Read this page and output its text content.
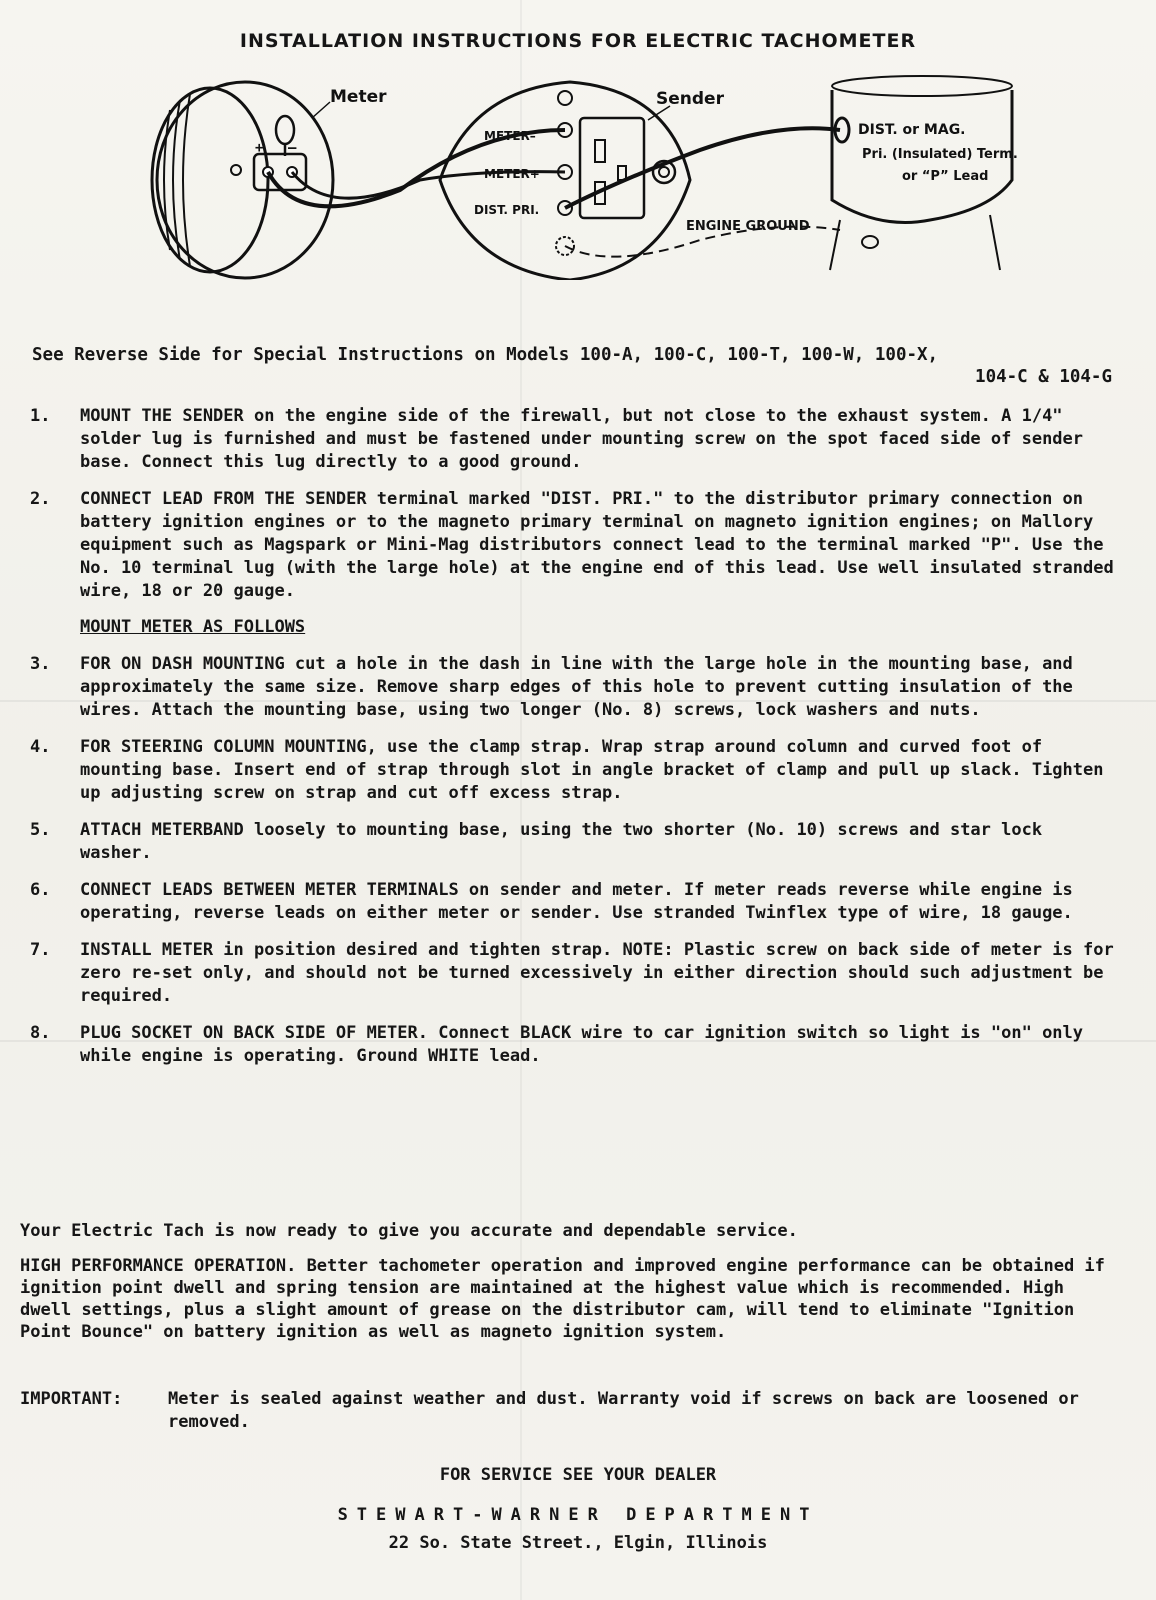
INSTALLATION INSTRUCTIONS FOR ELECTRIC TACHOMETER
+ –
Meter	Sender
METER–
METER+
DIST. PRI.
DIST. or MAG.
Pri. (Insulated) Term.
or “P” Lead
ENGINE GROUND
See Reverse Side for Special Instructions on Models 100-A, 100-C, 100-T, 100-W, 100-X,
104-C & 104-G
1.	MOUNT THE SENDER on the engine side of the firewall, but not close to the exhaust system. A 1/4" solder lug is furnished and must be fastened under mounting screw on the spot faced side of sender base. Connect this lug directly to a good ground.
2.	CONNECT LEAD FROM THE SENDER terminal marked "DIST. PRI." to the distributor primary connection on battery ignition engines or to the magneto primary terminal on magneto ignition engines; on Mallory equipment such as Magspark or Mini-Mag distributors connect lead to the terminal marked "P". Use the No. 10 terminal lug (with the large hole) at the engine end of this lead. Use well insulated stranded wire, 18 or 20 gauge.
MOUNT METER AS FOLLOWS
3.	FOR ON DASH MOUNTING cut a hole in the dash in line with the large hole in the mounting base, and approximately the same size. Remove sharp edges of this hole to prevent cutting insulation of the wires. Attach the mounting base, using two longer (No. 8) screws, lock washers and nuts.
4.	FOR STEERING COLUMN MOUNTING, use the clamp strap. Wrap strap around column and curved foot of mounting base. Insert end of strap through slot in angle bracket of clamp and pull up slack. Tighten up adjusting screw on strap and cut off excess strap.
5.	ATTACH METERBAND loosely to mounting base, using the two shorter (No. 10) screws and star lock washer.
6.	CONNECT LEADS BETWEEN METER TERMINALS on sender and meter. If meter reads reverse while engine is operating, reverse leads on either meter or sender. Use stranded Twinflex type of wire, 18 gauge.
7.	INSTALL METER in position desired and tighten strap. NOTE: Plastic screw on back side of meter is for zero re-set only, and should not be turned excessively in either direction should such adjustment be required.
8.	PLUG SOCKET ON BACK SIDE OF METER. Connect BLACK wire to car ignition switch so light is "on" only while engine is operating. Ground WHITE lead.
Your Electric Tach is now ready to give you accurate and dependable service.
HIGH PERFORMANCE OPERATION. Better tachometer operation and improved engine performance can be obtained if ignition point dwell and spring tension are maintained at the highest value which is recommended. High dwell settings, plus a slight amount of grease on the distributor cam, will tend to eliminate "Ignition Point Bounce" on battery ignition as well as magneto ignition system.
IMPORTANT:	Meter is sealed against weather and dust. Warranty void if screws on back are loosened or removed.
FOR SERVICE SEE YOUR DEALER
STEWART-WARNER DEPARTMENT
22 So. State Street., Elgin, Illinois
